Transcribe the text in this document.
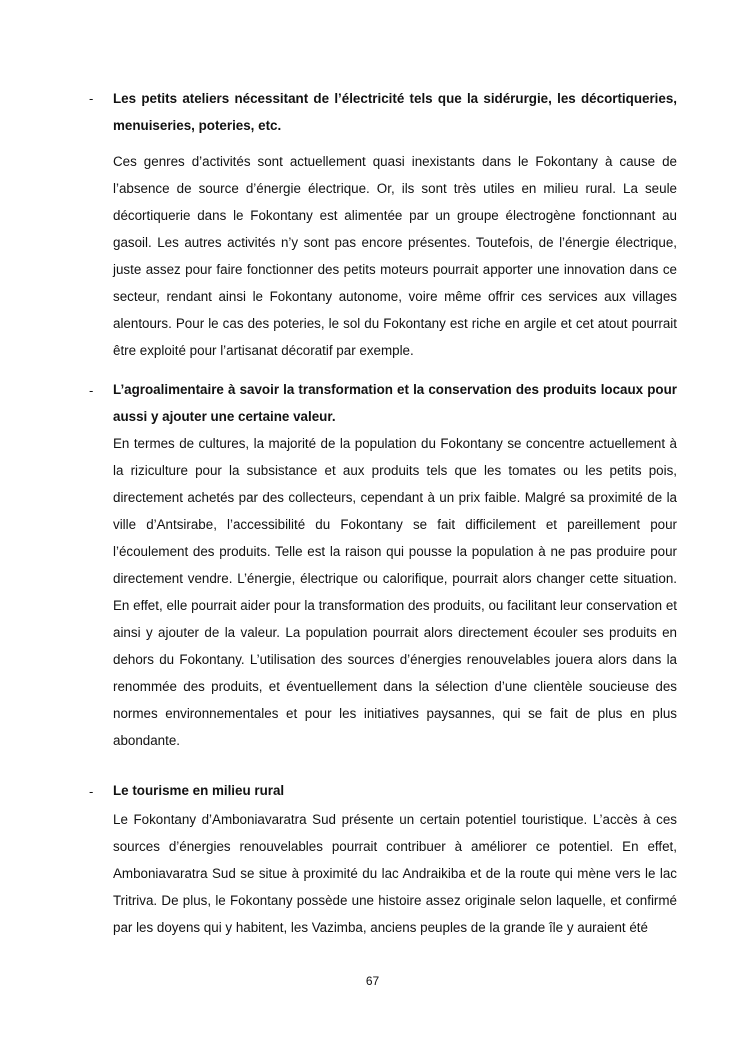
- Les petits ateliers nécessitant de l’électricité tels que la sidérurgie, les décortiqueries, menuiseries, poteries, etc.
Ces genres d’activités sont actuellement quasi inexistants dans le Fokontany à cause de l’absence de source d’énergie électrique. Or, ils sont très utiles en milieu rural. La seule décortiquerie dans le Fokontany est alimentée par un groupe électrogène fonctionnant au gasoil. Les autres activités n’y sont pas encore présentes. Toutefois, de l’énergie électrique, juste assez pour faire fonctionner des petits moteurs pourrait apporter une innovation dans ce secteur, rendant ainsi le Fokontany autonome, voire même offrir ces services aux villages alentours. Pour le cas des poteries, le sol du Fokontany est riche en argile et cet atout pourrait être exploité pour l’artisanat décoratif par exemple.
- L’agroalimentaire à savoir la transformation et la conservation des produits locaux pour aussi y ajouter une certaine valeur.
En termes de cultures, la majorité de la population du Fokontany se concentre actuellement à la riziculture pour la subsistance et aux produits tels que les tomates ou les petits pois, directement achetés par des collecteurs, cependant à un prix faible. Malgré sa proximité de la ville d’Antsirabe, l’accessibilité du Fokontany se fait difficilement et pareillement pour l’écoulement des produits. Telle est la raison qui pousse la population à ne pas produire pour directement vendre. L’énergie, électrique ou calorifique, pourrait alors changer cette situation. En effet, elle pourrait aider pour la transformation des produits, ou facilitant leur conservation et ainsi y ajouter de la valeur. La population pourrait alors directement écouler ses produits en dehors du Fokontany. L’utilisation des sources d’énergies renouvelables jouera alors dans la renommée des produits, et éventuellement dans la sélection d’une clientèle soucieuse des normes environnementales et pour les initiatives paysannes, qui se fait de plus en plus abondante.
- Le tourisme en milieu rural
Le Fokontany d’Amboniavaratra Sud présente un certain potentiel touristique. L’accès à ces sources d’énergies renouvelables pourrait contribuer à améliorer ce potentiel. En effet, Amboniavaratra Sud se situe à proximité du lac Andraikiba et de la route qui mène vers le lac Tritriva. De plus, le Fokontany possède une histoire assez originale selon laquelle, et confirmé par les doyens qui y habitent, les Vazimba, anciens peuples de la grande île y auraient été
67
